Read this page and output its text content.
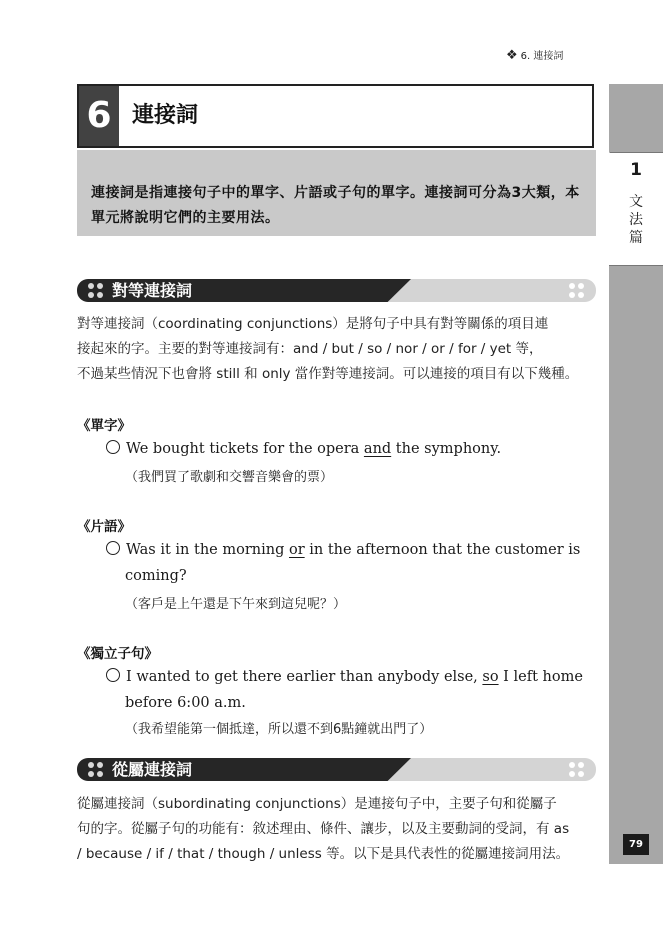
❖ 6. 連接詞
1
文
法
篇
79
6 連接詞
連接詞是指連接句子中的單字、片語或子句的單字。連接詞可分為3大類，本單元將說明它們的主要用法。
對等連接詞
對等連接詞（coordinating conjunctions）是將句子中具有對等關係的項目連
接起來的字。主要的對等連接詞有：and / but / so / nor / or / for / yet 等，
不過某些情況下也會將 still 和 only 當作對等連接詞。可以連接的項目有以下幾種。
《單字》
We bought tickets for the opera and the symphony.
（我們買了歌劇和交響音樂會的票）
《片語》
Was it in the morning or in the afternoon that the customer is
coming?
（客戶是上午還是下午來到這兒呢？）
《獨立子句》
I wanted to get there earlier than anybody else, so I left home
before 6:00 a.m.
（我希望能第一個抵達，所以還不到6點鐘就出門了）
從屬連接詞
從屬連接詞（subordinating conjunctions）是連接句子中，主要子句和從屬子
句的字。從屬子句的功能有：敘述理由、條件、讓步，以及主要動詞的受詞，有 as
/ because / if / that / though / unless 等。以下是具代表性的從屬連接詞用法。
